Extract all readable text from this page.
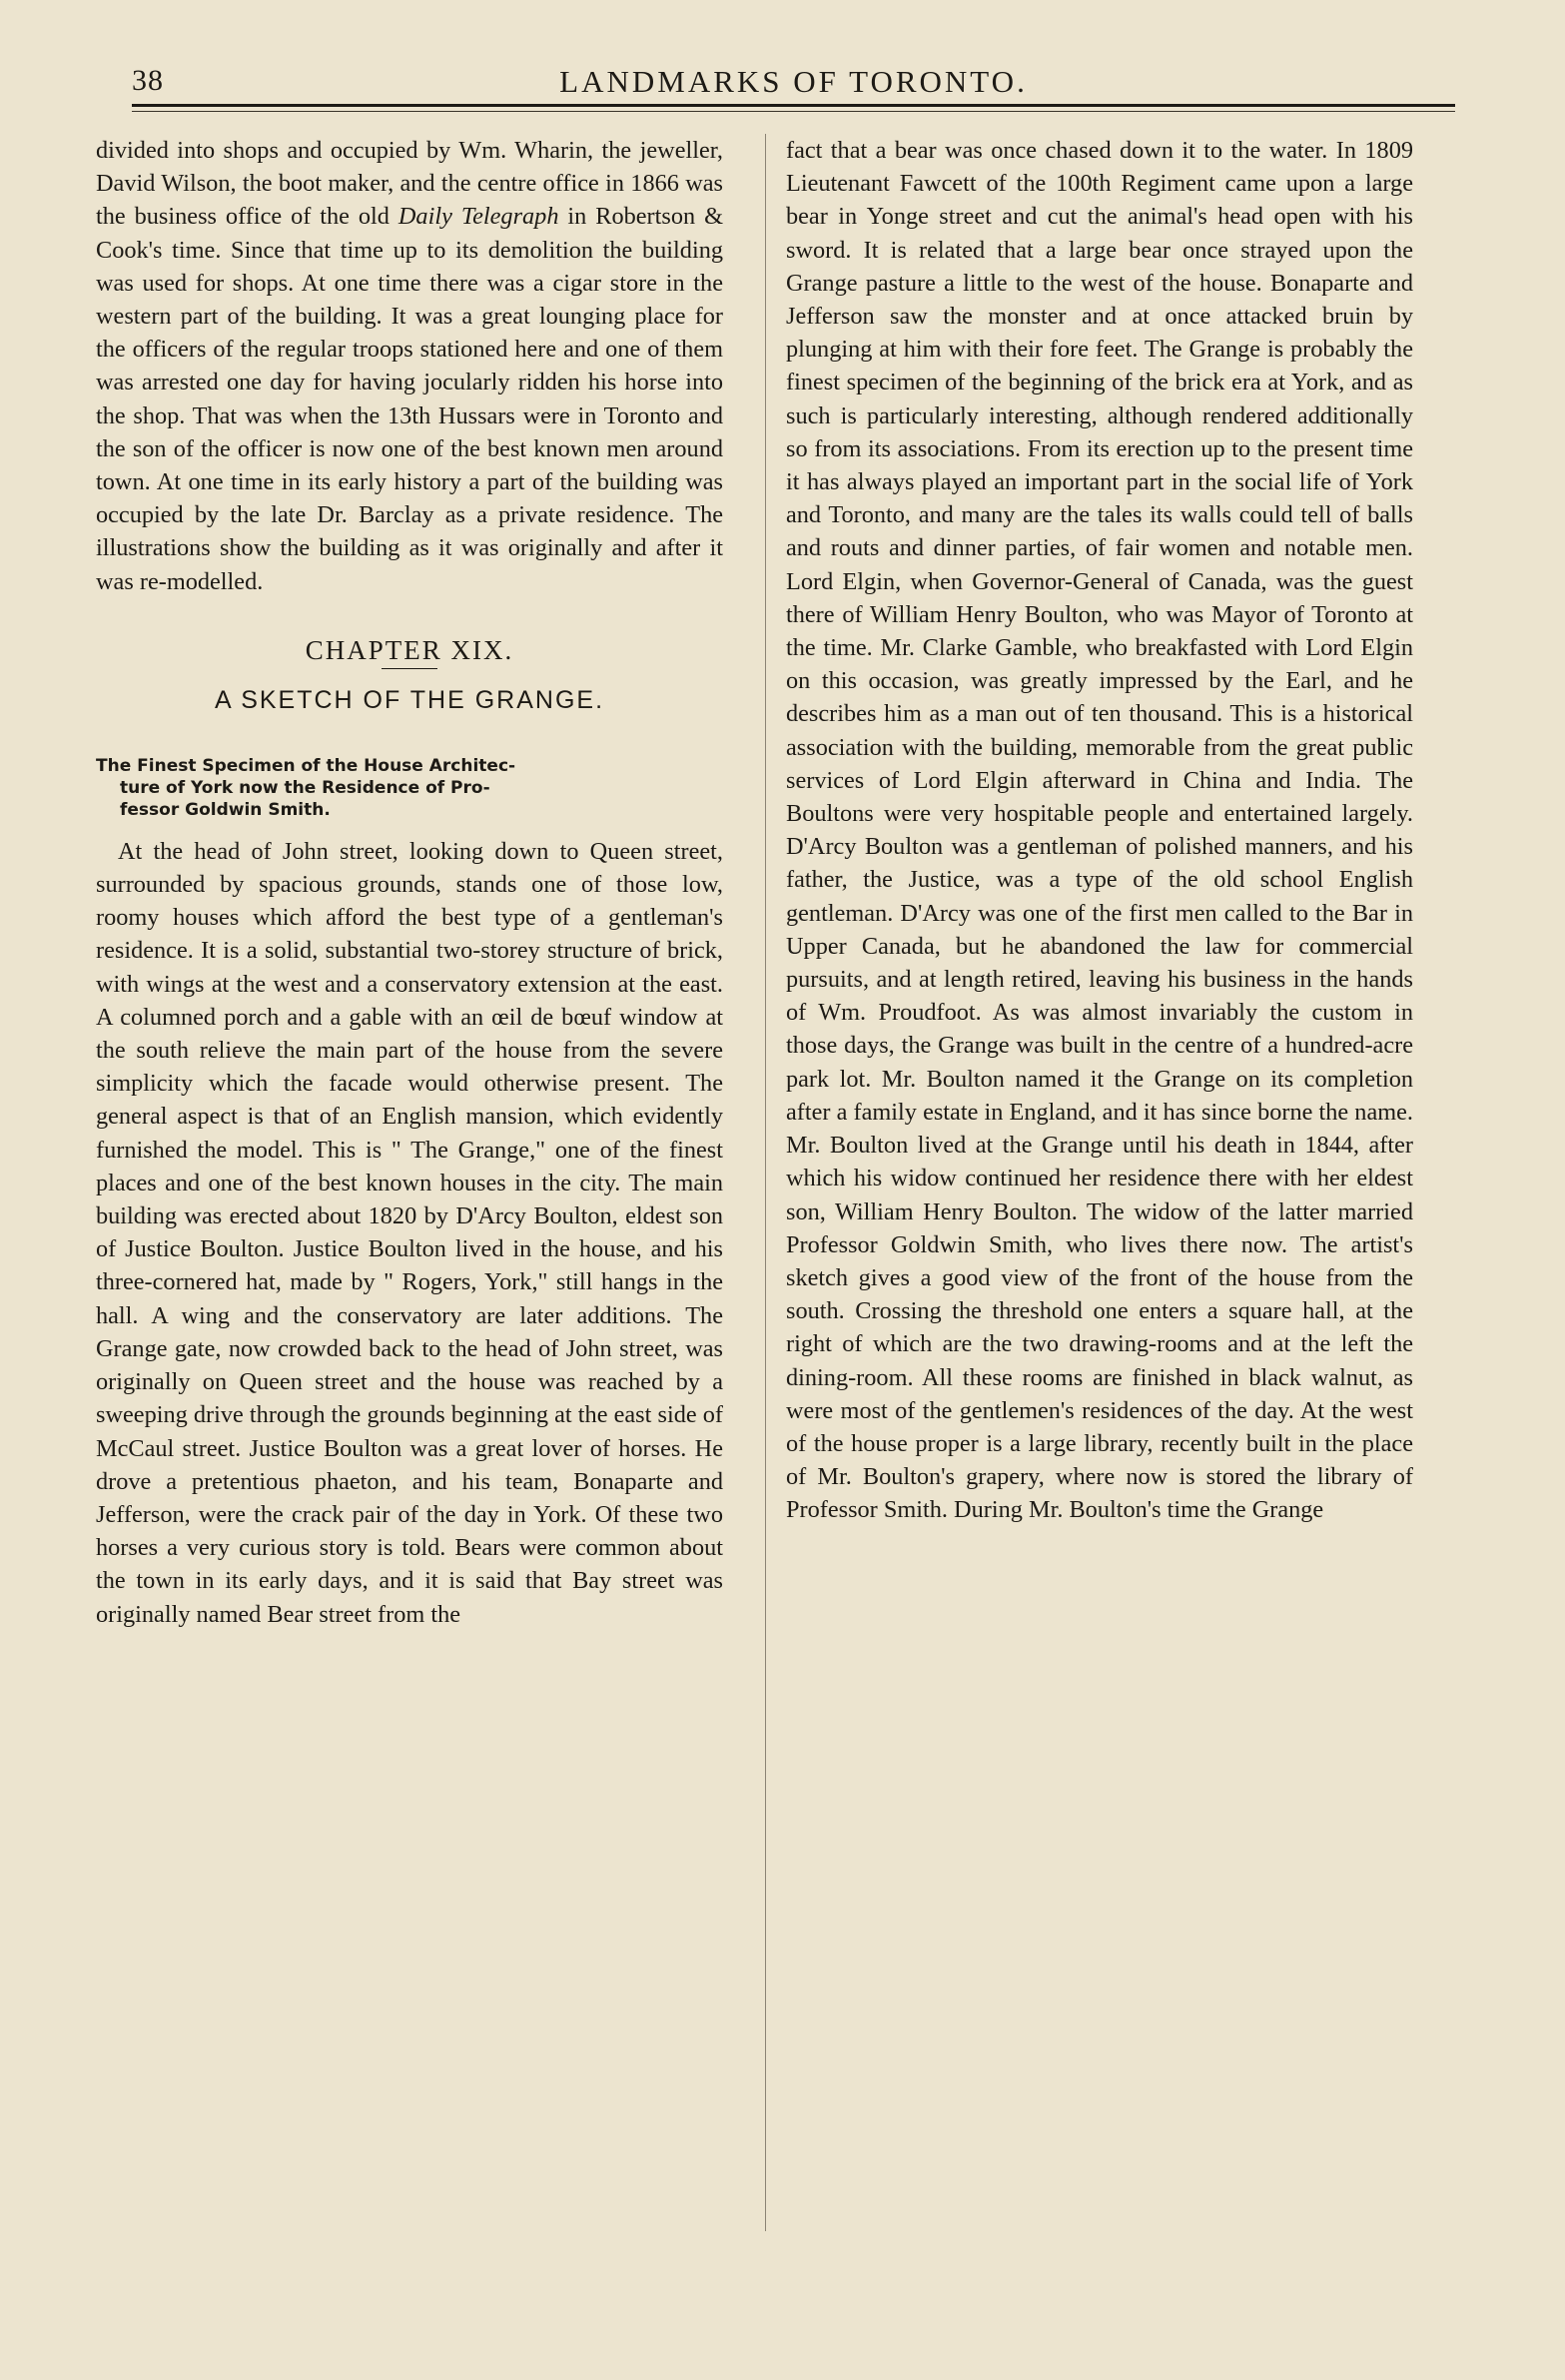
38	LANDMARKS OF TORONTO.

divided into shops and occupied by Wm. Wharin, the jeweller, David Wilson, the boot maker, and the centre office in 1866 was the business office of the old Daily Telegraph in Robertson & Cook's time. Since that time up to its demolition the building was used for shops. At one time there was a cigar store in the western part of the building. It was a great lounging place for the officers of the regular troops stationed here and one of them was arrested one day for having jocularly ridden his horse into the shop. That was when the 13th Hussars were in Toronto and the son of the officer is now one of the best known men around town. At one time in its early history a part of the building was occupied by the late Dr. Barclay as a private residence. The illustrations show the building as it was originally and after it was re-modelled.

CHAPTER XIX.
A SKETCH OF THE GRANGE.
The Finest Specimen of the House Architec-
ture of York now the Residence of Pro-
fessor Goldwin Smith.

At the head of John street, looking down to Queen street, surrounded by spacious grounds, stands one of those low, roomy houses which afford the best type of a gentleman's residence. It is a solid, substantial two-storey structure of brick, with wings at the west and a conservatory extension at the east. A columned porch and a gable with an œil de bœuf window at the south relieve the main part of the house from the severe simplicity which the facade would otherwise present. The general aspect is that of an English mansion, which evidently furnished the model. This is " The Grange," one of the finest places and one of the best known houses in the city. The main building was erected about 1820 by D'Arcy Boulton, eldest son of Justice Boulton. Justice Boulton lived in the house, and his three-cornered hat, made by " Rogers, York," still hangs in the hall. A wing and the conservatory are later additions. The Grange gate, now crowded back to the head of John street, was originally on Queen street and the house was reached by a sweeping drive through the grounds beginning at the east side of McCaul street. Justice Boulton was a great lover of horses. He drove a pretentious phaeton, and his team, Bonaparte and Jefferson, were the crack pair of the day in York. Of these two horses a very curious story is told. Bears were common about the town in its early days, and it is said that Bay street was originally named Bear street from the

fact that a bear was once chased down it to the water. In 1809 Lieutenant Fawcett of the 100th Regiment came upon a large bear in Yonge street and cut the animal's head open with his sword. It is related that a large bear once strayed upon the Grange pasture a little to the west of the house. Bonaparte and Jefferson saw the monster and at once attacked bruin by plunging at him with their fore feet. The Grange is probably the finest specimen of the beginning of the brick era at York, and as such is particularly interesting, although rendered additionally so from its associations. From its erection up to the present time it has always played an important part in the social life of York and Toronto, and many are the tales its walls could tell of balls and routs and dinner parties, of fair women and notable men. Lord Elgin, when Governor-General of Canada, was the guest there of William Henry Boulton, who was Mayor of Toronto at the time. Mr. Clarke Gamble, who breakfasted with Lord Elgin on this occasion, was greatly impressed by the Earl, and he describes him as a man out of ten thousand. This is a historical association with the building, memorable from the great public services of Lord Elgin afterward in China and India. The Boultons were very hospitable people and entertained largely. D'Arcy Boulton was a gentleman of polished manners, and his father, the Justice, was a type of the old school English gentleman. D'Arcy was one of the first men called to the Bar in Upper Canada, but he abandoned the law for commercial pursuits, and at length retired, leaving his business in the hands of Wm. Proudfoot. As was almost invariably the custom in those days, the Grange was built in the centre of a hundred-acre park lot. Mr. Boulton named it the Grange on its completion after a family estate in England, and it has since borne the name. Mr. Boulton lived at the Grange until his death in 1844, after which his widow continued her residence there with her eldest son, William Henry Boulton. The widow of the latter married Professor Goldwin Smith, who lives there now. The artist's sketch gives a good view of the front of the house from the south. Crossing the threshold one enters a square hall, at the right of which are the two drawing-rooms and at the left the dining-room. All these rooms are finished in black walnut, as were most of the gentlemen's residences of the day. At the west of the house proper is a large library, recently built in the place of Mr. Boulton's grapery, where now is stored the library of Professor Smith. During Mr. Boulton's time the Grange
